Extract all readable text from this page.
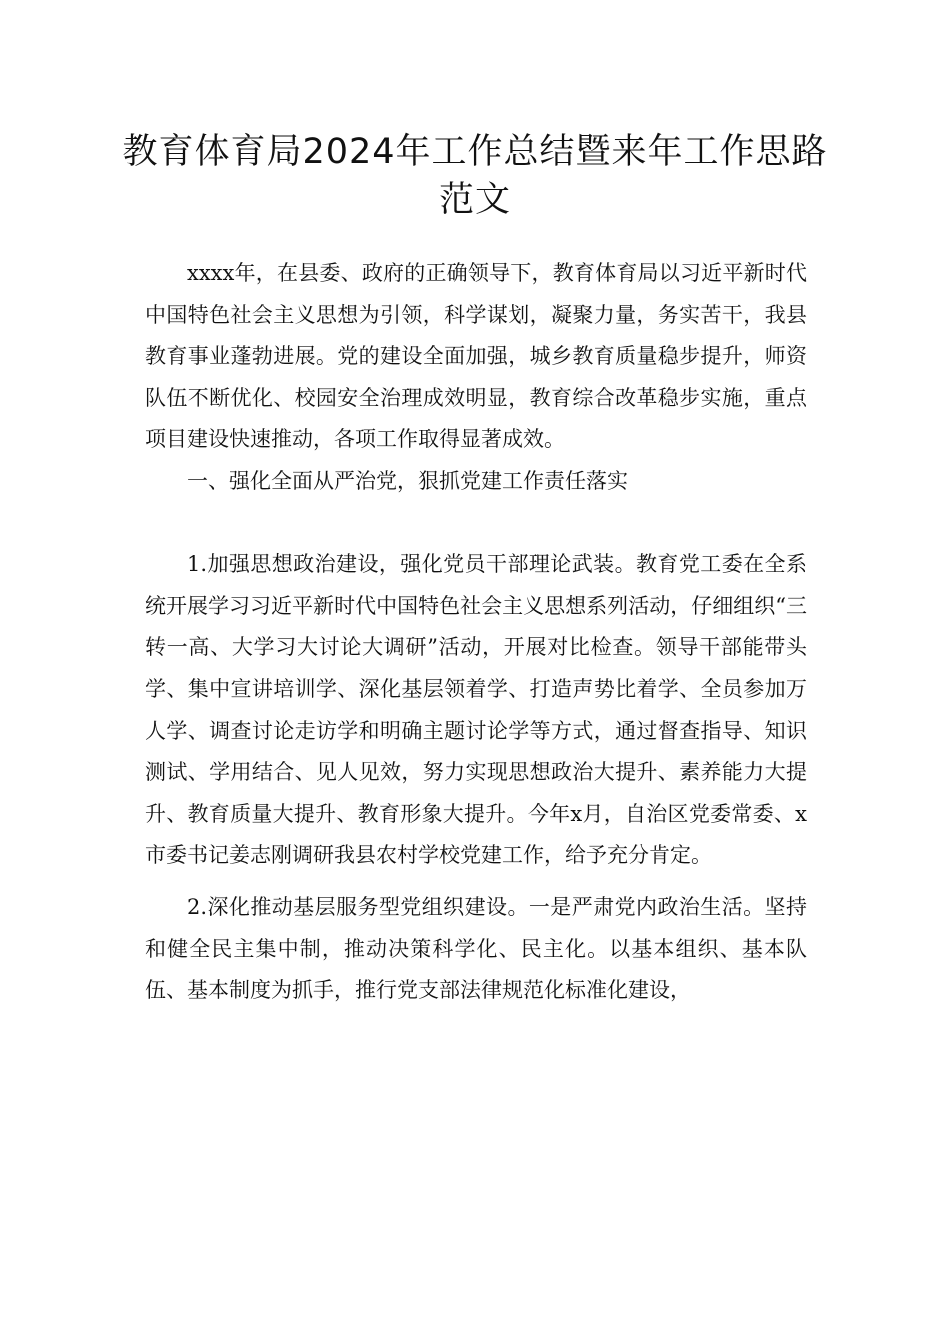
教育体育局2024年工作总结暨来年工作思路范文

xxxx年，在县委、政府的正确领导下，教育体育局以习近平新时代中国特色社会主义思想为引领，科学谋划，凝聚力量，务实苦干，我县教育事业蓬勃进展。党的建设全面加强，城乡教育质量稳步提升，师资队伍不断优化、校园安全治理成效明显，教育综合改革稳步实施，重点项目建设快速推动，各项工作取得显著成效。

一、强化全面从严治党，狠抓党建工作责任落实

1.加强思想政治建设，强化党员干部理论武装。教育党工委在全系统开展学习习近平新时代中国特色社会主义思想系列活动，仔细组织“三转一高、大学习大讨论大调研”活动，开展对比检查。领导干部能带头学、集中宣讲培训学、深化基层领着学、打造声势比着学、全员参加万人学、调查讨论走访学和明确主题讨论学等方式，通过督查指导、知识测试、学用结合、见人见效，努力实现思想政治大提升、素养能力大提升、教育质量大提升、教育形象大提升。今年x月，自治区党委常委、x市委书记姜志刚调研我县农村学校党建工作，给予充分肯定。

2.深化推动基层服务型党组织建设。一是严肃党内政治生活。坚持和健全民主集中制，推动决策科学化、民主化。以基本组织、基本队伍、基本制度为抓手，推行党支部法律规范化标准化建设，
